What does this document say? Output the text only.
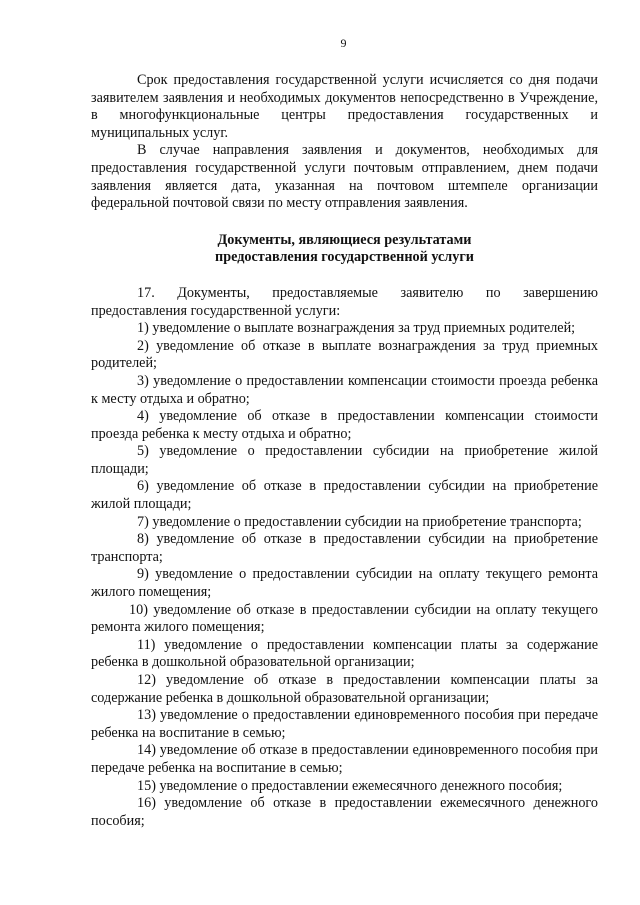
9

Срок предоставления государственной услуги исчисляется со дня подачи заявителем заявления и необходимых документов непосредственно в Учреждение, в многофункциональные центры предоставления государственных и муниципальных услуг.

В случае направления заявления и документов, необходимых для предоставления государственной услуги почтовым отправлением, днем подачи заявления является дата, указанная на почтовом штемпеле организации федеральной почтовой связи по месту отправления заявления.

Документы, являющиеся результатами
предоставления государственной услуги

17. Документы, предоставляемые заявителю по завершению предоставления государственной услуги:

1) уведомление о выплате вознаграждения за труд приемных родителей;

2) уведомление об отказе в выплате вознаграждения за труд приемных родителей;

3) уведомление о предоставлении компенсации стоимости проезда ребенка к месту отдыха и обратно;

4) уведомление об отказе в предоставлении компенсации стоимости проезда ребенка к месту отдыха и обратно;

5) уведомление о предоставлении субсидии на приобретение жилой площади;

6) уведомление об отказе в предоставлении субсидии на приобретение жилой площади;

7) уведомление о предоставлении субсидии на приобретение транспорта;

8) уведомление об отказе в предоставлении субсидии на приобретение транспорта;

9) уведомление о предоставлении субсидии на оплату текущего ремонта жилого помещения;

10) уведомление об отказе в предоставлении субсидии на оплату текущего ремонта жилого помещения;

11) уведомление о предоставлении компенсации платы за содержание ребенка в дошкольной образовательной организации;

12) уведомление об отказе в предоставлении компенсации платы за содержание ребенка в дошкольной образовательной организации;

13) уведомление о предоставлении единовременного пособия при передаче ребенка на воспитание в семью;

14) уведомление об отказе в предоставлении единовременного пособия при передаче ребенка на воспитание в семью;

15) уведомление о предоставлении ежемесячного денежного пособия;

16) уведомление об отказе в предоставлении ежемесячного денежного пособия;
